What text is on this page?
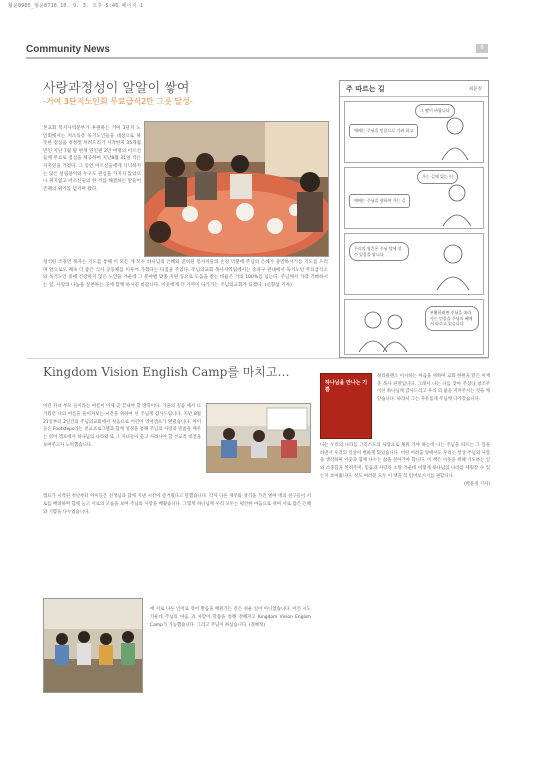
형윤0905_형윤0718 10. 9. 3. 오후 5:46 페이지 1
Community News	8
사랑과정성이 알알이 쌓여
-거여 3단지노인회 무료급식2만 그릇 달성-
본교회 복지사역분부가 후원하는 거여 3단지 노인회에서는 저소득층 독거노인들을 대상으로 따뜻한 점심을 정성껏 차려드리기 시작한지 35개월만인 지난 7월 말 현재 연인원 2만 여명의 어르신들께 무료로 점심을 제공하여 지난8월 31일 작은 자축연을 가졌다. 그 동안 어르신들에게 넉넉하지는 않은 살림살이와 누구도 관심을 가지지 않았으나 취지없고 어르신들의 한 끼를 해결하는 만들어 존폐의 위기를 넘기며 왔다.
청석한 조경민 목자는 기도를 통해 이 모든 게 모두 하나님의 은혜와 준비된 봉사자들의 손길 덕분에 주님의 은혜가 충만하시기를 기도를 드리며 앞으로도 계속 더 좋은 식사 공동체를 이루어 가겠다는 다짐을 주었다. 주님의교회 목사사역팀에서는 송파구 관내에서 독거노인 무료급식소와 독거노인 중에 건강하지 않은 노인들 가운데 그 분야별 맞춤 지원 등으로 도움을 받는 비율은 거의 100%를 넘는다. 주님께서 가장 기뻐하시는 일, 사랑의 나눔을 실천하는 곳에 함께 하시길 바랍니다. 이웃에게 더 가까이 다가가는 주님의교회가 되겠다. (신형섭 기자)
주 따르는 길	최윤정
그 빵이 바랍니다
예배는 주님을 믿음으로 가려 하고
가는 길에 있는 이
예배는 주님을 향하여 가는 길
우리의 영혼은 주님 앞에 설 수 있음을 압니다
부활하려면 주님을 따라가는 믿음을 주님의 째에서 따르고 있습니다
Kingdom Vision English Camp를 마치고…
어린 자녀 부모 들이라는 여름이 이제 곧 끝내야 할 방학이다. 가을의 걸음 에서 뜨거웠던 나의 여름을 돌이켜보는 시간을 위하여 선 주님께 감사드립니다. 지난 8월 21일부터 2일간의 주님의교회에서 처음으로 어린이 영어캠프가 열렸습니다. 아이들은 Footsteps라는 친교프로그램과 함께 성경을 통해 주님의 사랑과 말씀을 배우는 영어 캠프에서 하나님의 나라와 또 그 자녀들이 옳고 자라나야 할 선교적 비전을 보여주고자 노력했습니다.
캠프가 시작된 첫날부터 아이들은 선생님과 함께 지낸 시간이 즐거웠다고 말했습니다. 각자 다른 재주와 성격을 가진 열여 명의 친구들이 서로를 배려하며 함께 놀고 서로의 모습을 보며 주님의 사랑을 배웠습니다. 그렇게 하나님께 우리 모두는 평안한 마음으로 쉬며 서로 많은 은혜와 기쁨을 나누었습니다.
에 서로 다른 언어로 영어 발음을 배워가는 것은 쉬운 일이 아니었습니다. 이런 시도 가운데 주님의 마음 과 사랑이 말씀을 통해 전해지고 Kingdom Vision English Camp가 가능했습니다. 그리고 주님이 하셨습니다. (정혜정)
하나님을 만나는 기쁨
성리클랜스 이시하는 마음을 위하여 교회 한편을 맡은 이재준 목사 관찰입니다. 그래서 나는 나를 찾아 주셨다 창조주이신 하나님께 감사드리고 우리 의 삶을 지켜주시는 것을 깨닫습니다. 따라서 그는 자유롭게 주님께 다가갔습니다.
나는 우리의 나라를 그리스도의 사랑으로 채워 가야 하는데 나는 주님을 따르는 그 일을 하면서 우리의 일상이 변하게 되었습니다. 어떤 어려움 앞에서도 우리는 항상 주님의 사랑을 생각하며 이웃과 함께 나누는 삶을 살아가야 합니다. 이 책은 이웃을 위해 기도하는 일의 소중함을 알려주며, 믿음과 사랑과 소망 가운데 어떻게 하나님의 나라를 세워갈 수 있는지 보여줍니다. 성도 여러분 모두 이 책을 꼭 읽어보시기를 권합니다.
(박윤경 기자)
